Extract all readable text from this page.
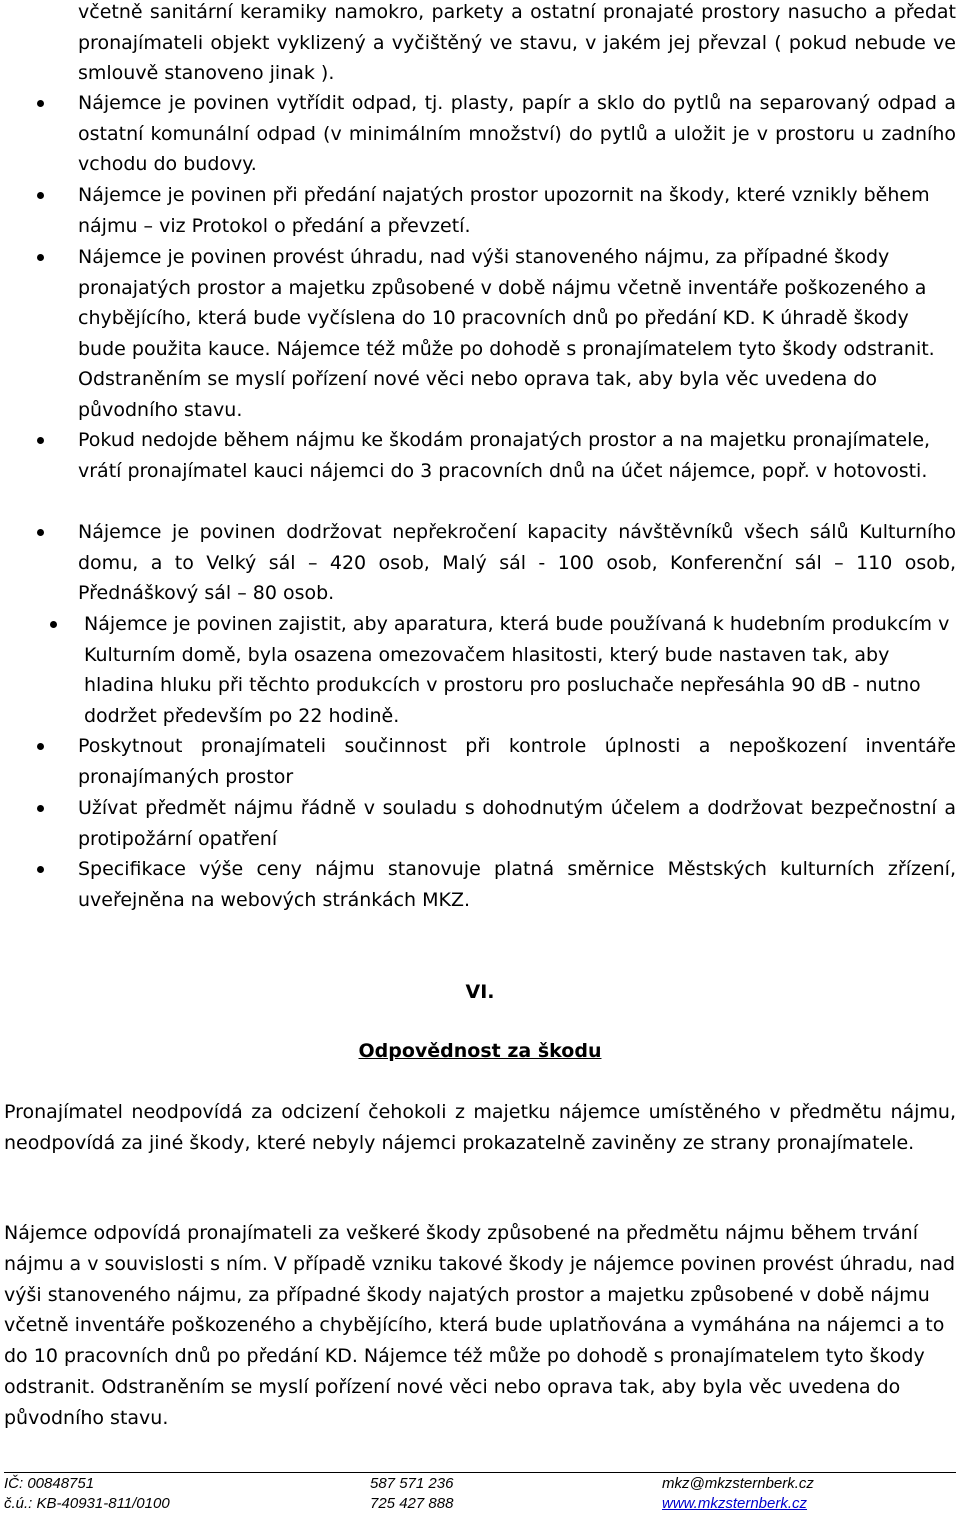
včetně sanitární keramiky namokro, parkety a ostatní pronajaté prostory nasucho a předat pronajímateli objekt vyklizený a vyčištěný ve stavu, v jakém jej převzal ( pokud nebude ve smlouvě stanoveno jinak ).
Nájemce je povinen vytřídit odpad, tj. plasty, papír a sklo do pytlů na separovaný odpad a ostatní komunální odpad (v minimálním množství) do pytlů a uložit je v prostoru u zadního vchodu do budovy.
Nájemce je povinen při předání najatých prostor upozornit na škody, které vznikly během nájmu – viz Protokol o předání a převzetí.
Nájemce je povinen provést úhradu, nad výši stanoveného nájmu, za případné škody pronajatých prostor a majetku způsobené v době nájmu včetně inventáře poškozeného a chybějícího, která bude vyčíslena do 10 pracovních dnů po předání KD. K úhradě škody bude použita kauce. Nájemce též může po dohodě s pronajímatelem tyto škody odstranit. Odstraněním se myslí pořízení nové věci nebo oprava tak, aby byla věc uvedena do původního stavu.
Pokud nedojde během nájmu ke škodám pronajatých prostor a na majetku pronajímatele, vrátí pronajímatel kauci nájemci do 3 pracovních dnů na účet nájemce, popř. v hotovosti.
Nájemce je povinen dodržovat nepřekročení kapacity návštěvníků všech sálů Kulturního domu, a to Velký sál – 420 osob, Malý sál - 100 osob, Konferenční sál – 110 osob, Přednáškový sál – 80 osob.
Nájemce je povinen zajistit, aby aparatura, která bude používaná k hudebním produkcím v Kulturním domě, byla osazena omezovačem hlasitosti, který bude nastaven tak, aby hladina hluku při těchto produkcích v prostoru pro posluchače nepřesáhla 90 dB - nutno dodržet především po 22 hodině.
Poskytnout pronajímateli součinnost při kontrole úplnosti a nepoškození inventáře pronajímaných prostor
Užívat předmět nájmu řádně v souladu s dohodnutým účelem a dodržovat bezpečnostní a protipožární opatření
Specifikace výše ceny nájmu stanovuje platná směrnice Městských kulturních zřízení, uveřejněna na webových stránkách MKZ.
VI.
Odpovědnost za škodu
Pronajímatel neodpovídá za odcizení čehokoli z majetku nájemce umístěného v předmětu nájmu, neodpovídá za jiné škody, které nebyly nájemci prokazatelně zaviněny ze strany pronajímatele.
Nájemce odpovídá pronajímateli za veškeré škody způsobené na předmětu nájmu během trvání nájmu a v souvislosti s ním. V případě vzniku takové škody je nájemce povinen provést úhradu, nad výši stanoveného nájmu, za případné škody najatých prostor a majetku způsobené v době nájmu včetně inventáře poškozeného a chybějícího, která bude uplatňována a vymáhána na nájemci a to do 10 pracovních dnů po předání KD. Nájemce též může po dohodě s pronajímatelem tyto škody odstranit. Odstraněním se myslí pořízení nové věci nebo oprava tak, aby byla věc uvedena do původního stavu.
IČ: 00848751	587 571 236	mkz@mkzsternberk.cz
č.ú.: KB-40931-811/0100	725 427 888	www.mkzsternberk.cz
